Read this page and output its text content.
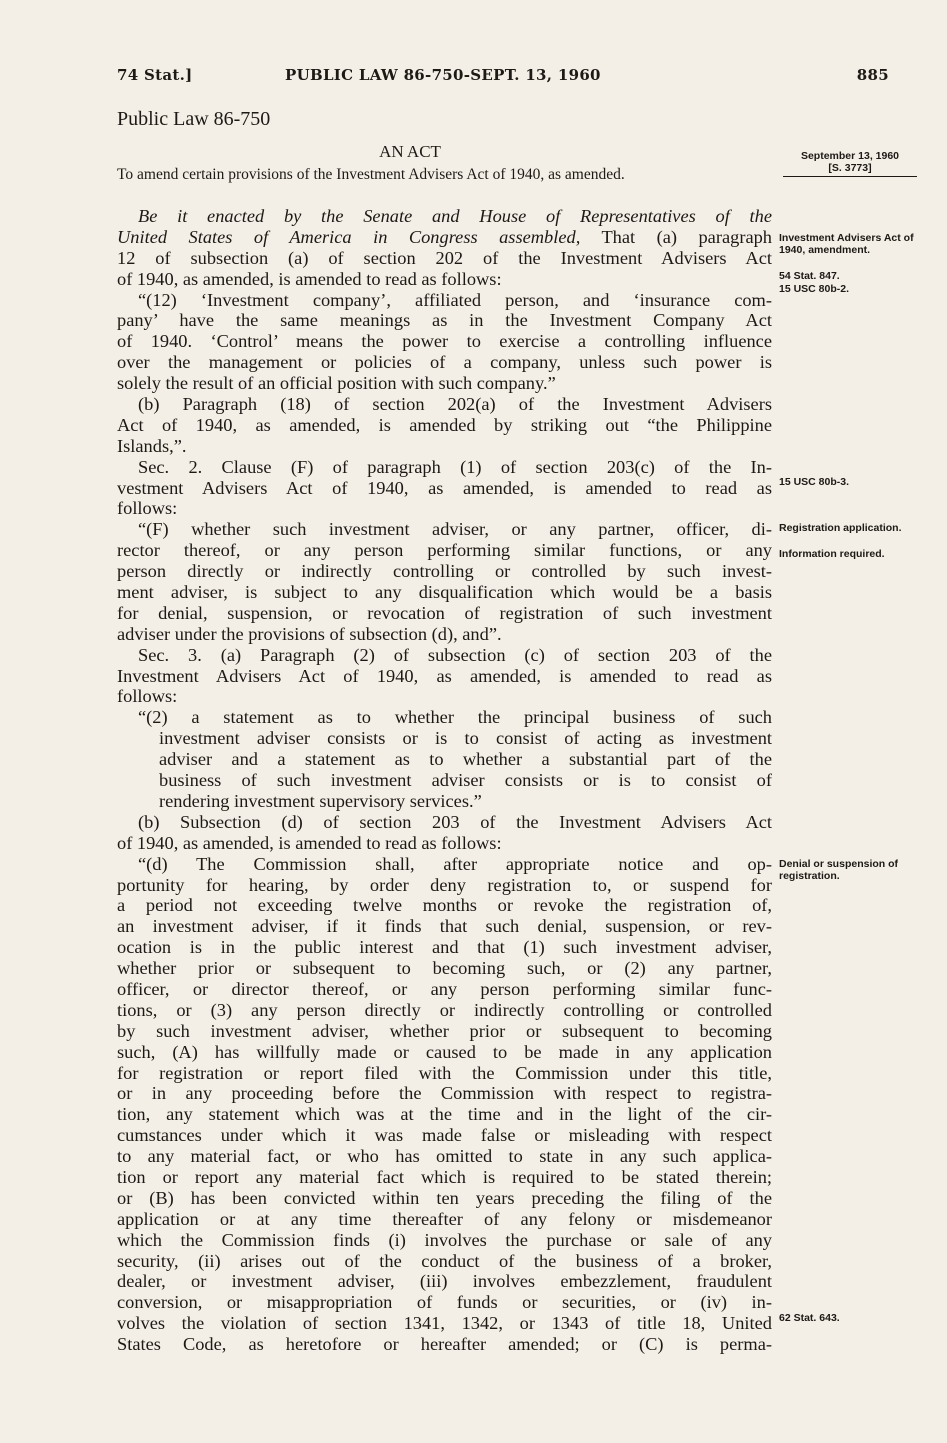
74 Stat.]	PUBLIC LAW 86-750-SEPT. 13, 1960	885
Public Law 86-750
AN ACT
To amend certain provisions of the Investment Advisers Act of 1940, as amended.
September 13, 1960
[S. 3773]
Be it enacted by the Senate and House of Representatives of the
United States of America in Congress assembled, That (a) paragraph
12 of subsection (a) of section 202 of the Investment Advisers Act
of 1940, as amended, is amended to read as follows:
“(12) ‘Investment company’, affiliated person, and ‘insurance com-
pany’ have the same meanings as in the Investment Company Act
of 1940. ‘Control’ means the power to exercise a controlling influence
over the management or policies of a company, unless such power is
solely the result of an official position with such company.”
(b) Paragraph (18) of section 202(a) of the Investment Advisers
Act of 1940, as amended, is amended by striking out “the Philippine
Islands,”.
Sec. 2. Clause (F) of paragraph (1) of section 203(c) of the In-
vestment Advisers Act of 1940, as amended, is amended to read as
follows:
“(F) whether such investment adviser, or any partner, officer, di-
rector thereof, or any person performing similar functions, or any
person directly or indirectly controlling or controlled by such invest-
ment adviser, is subject to any disqualification which would be a basis
for denial, suspension, or revocation of registration of such investment
adviser under the provisions of subsection (d), and”.
Sec. 3. (a) Paragraph (2) of subsection (c) of section 203 of the
Investment Advisers Act of 1940, as amended, is amended to read as
follows:
“(2) a statement as to whether the principal business of such
investment adviser consists or is to consist of acting as investment
adviser and a statement as to whether a substantial part of the
business of such investment adviser consists or is to consist of
rendering investment supervisory services.”
(b) Subsection (d) of section 203 of the Investment Advisers Act
of 1940, as amended, is amended to read as follows:
“(d) The Commission shall, after appropriate notice and op-
portunity for hearing, by order deny registration to, or suspend for
a period not exceeding twelve months or revoke the registration of,
an investment adviser, if it finds that such denial, suspension, or rev-
ocation is in the public interest and that (1) such investment adviser,
whether prior or subsequent to becoming such, or (2) any partner,
officer, or director thereof, or any person performing similar func-
tions, or (3) any person directly or indirectly controlling or controlled
by such investment adviser, whether prior or subsequent to becoming
such, (A) has willfully made or caused to be made in any application
for registration or report filed with the Commission under this title,
or in any proceeding before the Commission with respect to registra-
tion, any statement which was at the time and in the light of the cir-
cumstances under which it was made false or misleading with respect
to any material fact, or who has omitted to state in any such applica-
tion or report any material fact which is required to be stated therein;
or (B) has been convicted within ten years preceding the filing of the
application or at any time thereafter of any felony or misdemeanor
which the Commission finds (i) involves the purchase or sale of any
security, (ii) arises out of the conduct of the business of a broker,
dealer, or investment adviser, (iii) involves embezzlement, fraudulent
conversion, or misappropriation of funds or securities, or (iv) in-
volves the violation of section 1341, 1342, or 1343 of title 18, United
States Code, as heretofore or hereafter amended; or (C) is perma-
Investment Advisers Act of 1940, amendment.
54 Stat. 847.
15 USC 80b-2.
15 USC 80b-3.
Registration application.
Information required.
Denial or suspension of registration.
62 Stat. 643.
